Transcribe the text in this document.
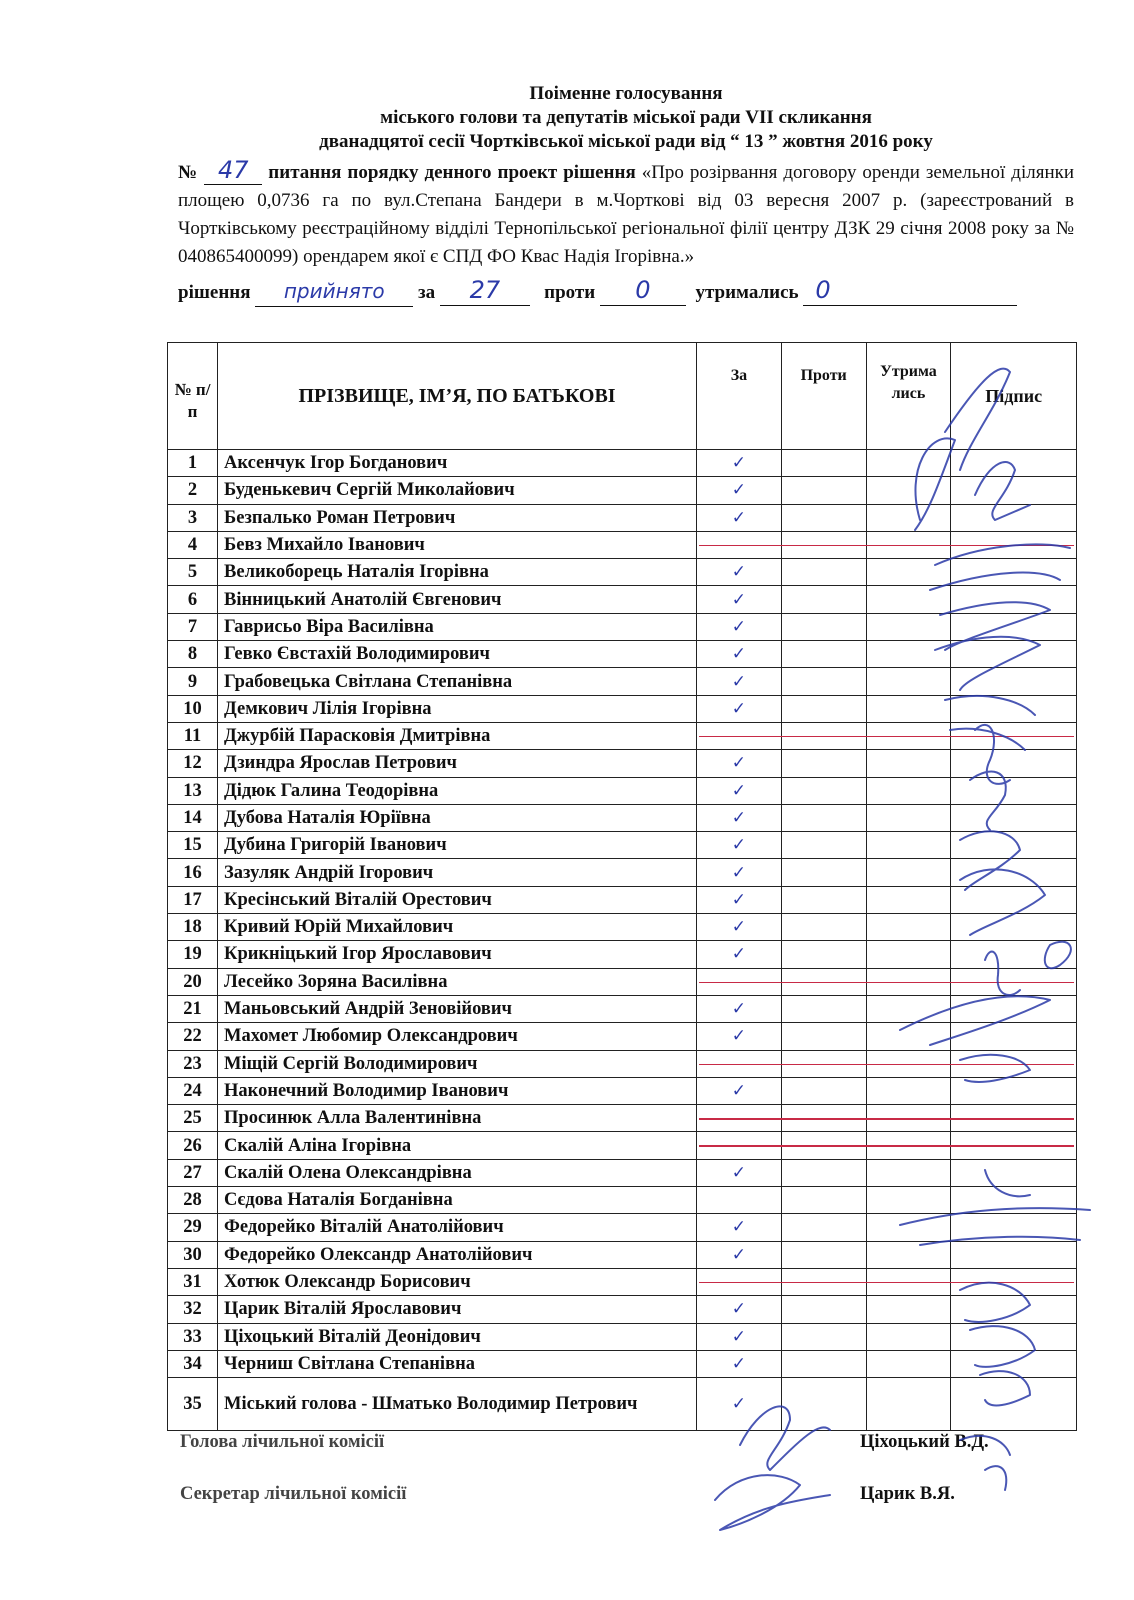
Поіменне голосування
міського голови та депутатів міської ради VII скликання
дванадцятої сесії Чортківської міської ради від “ 13 ” жовтня 2016 року
№ 47 питання порядку денного проект рішення «Про розірвання договору оренди земельної ділянки площею 0,0736 га по вул.Степана Бандери в м.Чорткові від 03 вересня 2007 р. (зареєстрований в Чортківському реєстраційному відділі Тернопільської регіональної філії центру ДЗК 29 січня 2008 року за № 040865400099) орендарем якої є СПД ФО Квас Надія Ігорівна.»
рішення прийнято за 27 проти 0 утримались 0
№ п/п	ПРІЗВИЩЕ, ІМ’Я, ПО БАТЬКОВІ	За	Проти	Утрима лись	Підпис
1	Аксенчук Ігор Богданович	✓			
2	Буденькевич Сергій Миколайович	✓			
3	Безпалько Роман Петрович	✓			
4	Бевз Михайло Іванович	

5	Великоборець Наталія Ігорівна	✓			
6	Вінницький Анатолій Євгенович	✓			
7	Гаврисьо Віра Василівна	✓			
8	Гевко Євстахій Володимирович	✓			
9	Грабовецька Світлана Степанівна	✓			
10	Демкович Лілія Ігорівна	✓			
11	Джурбій Парасковія Дмитрівна	

12	Дзиндра Ярослав Петрович	✓			
13	Дідюк Галина Теодорівна	✓			
14	Дубова Наталія Юріївна	✓			
15	Дубина Григорій Іванович	✓			
16	Зазуляк Андрій Ігорович	✓			
17	Кресінський Віталій Орестович	✓			
18	Кривий Юрій Михайлович	✓			
19	Крикніцький Ігор Ярославович	✓			
20	Лесейко Зоряна Василівна	

21	Маньовський Андрій Зеновійович	✓			
22	Махомет Любомир Олександрович	✓			
23	Міщій Сергій Володимирович	

24	Наконечний Володимир Іванович	✓			
25	Просинюк Алла Валентинівна	

26	Скалій Аліна Ігорівна	

27	Скалій Олена Олександрівна	✓			
28	Сєдова Наталія Богданівна				
29	Федорейко Віталій Анатолійович	✓			
30	Федорейко Олександр Анатолійович	✓			
31	Хотюк Олександр Борисович	

32	Царик Віталій Ярославович	✓			
33	Ціхоцький Віталій Деонідович	✓			
34	Черниш Світлана Степанівна	✓			
35	Міський голова - Шматько Володимир Петрович	✓			
Голова лічильної комісії	Ціхоцький В.Д.
Секретар лічильної комісії	Царик В.Я.
